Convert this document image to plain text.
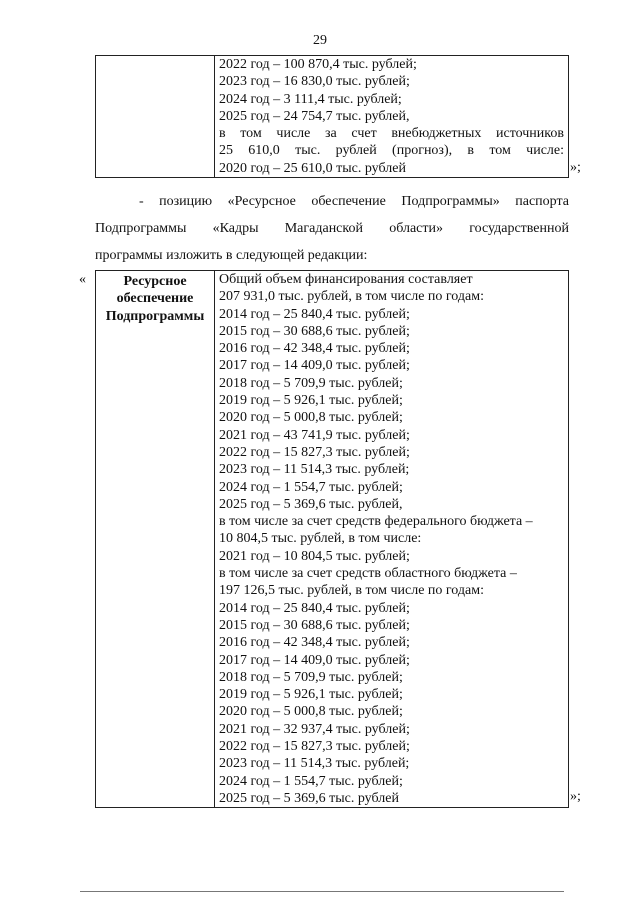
29

2022 год – 100 870,4 тыс. рублей;
2023 год – 16 830,0 тыс. рублей;
2024 год – 3 111,4 тыс. рублей;
2025 год – 24 754,7 тыс. рублей,
в том числе за счет внебюджетных источников
25 610,0 тыс. рублей (прогноз), в том числе:
2020 год – 25 610,0 тыс. рублей	»;
- позицию «Ресурсное обеспечение Подпрограммы» паспорта
Подпрограммы «Кадры Магаданской области» государственной
программы изложить в следующей редакции:
«	Ресурсное
обеспечение
Подпрограммы

Общий объем финансирования составляет
207 931,0 тыс. рублей, в том числе по годам:
2014 год – 25 840,4 тыс. рублей;
2015 год – 30 688,6 тыс. рублей;
2016 год – 42 348,4 тыс. рублей;
2017 год – 14 409,0 тыс. рублей;
2018 год – 5 709,9 тыс. рублей;
2019 год – 5 926,1 тыс. рублей;
2020 год – 5 000,8 тыс. рублей;
2021 год – 43 741,9 тыс. рублей;
2022 год – 15 827,3 тыс. рублей;
2023 год – 11 514,3 тыс. рублей;
2024 год – 1 554,7 тыс. рублей;
2025 год – 5 369,6 тыс. рублей,
в том числе за счет средств федерального бюджета –
10 804,5 тыс. рублей, в том числе:
2021 год – 10 804,5 тыс. рублей;
в том числе за счет средств областного бюджета –
197 126,5 тыс. рублей, в том числе по годам:
2014 год – 25 840,4 тыс. рублей;
2015 год – 30 688,6 тыс. рублей;
2016 год – 42 348,4 тыс. рублей;
2017 год – 14 409,0 тыс. рублей;
2018 год – 5 709,9 тыс. рублей;
2019 год – 5 926,1 тыс. рублей;
2020 год – 5 000,8 тыс. рублей;
2021 год – 32 937,4 тыс. рублей;
2022 год – 15 827,3 тыс. рублей;
2023 год – 11 514,3 тыс. рублей;
2024 год – 1 554,7 тыс. рублей;
2025 год – 5 369,6 тыс. рублей	»;
